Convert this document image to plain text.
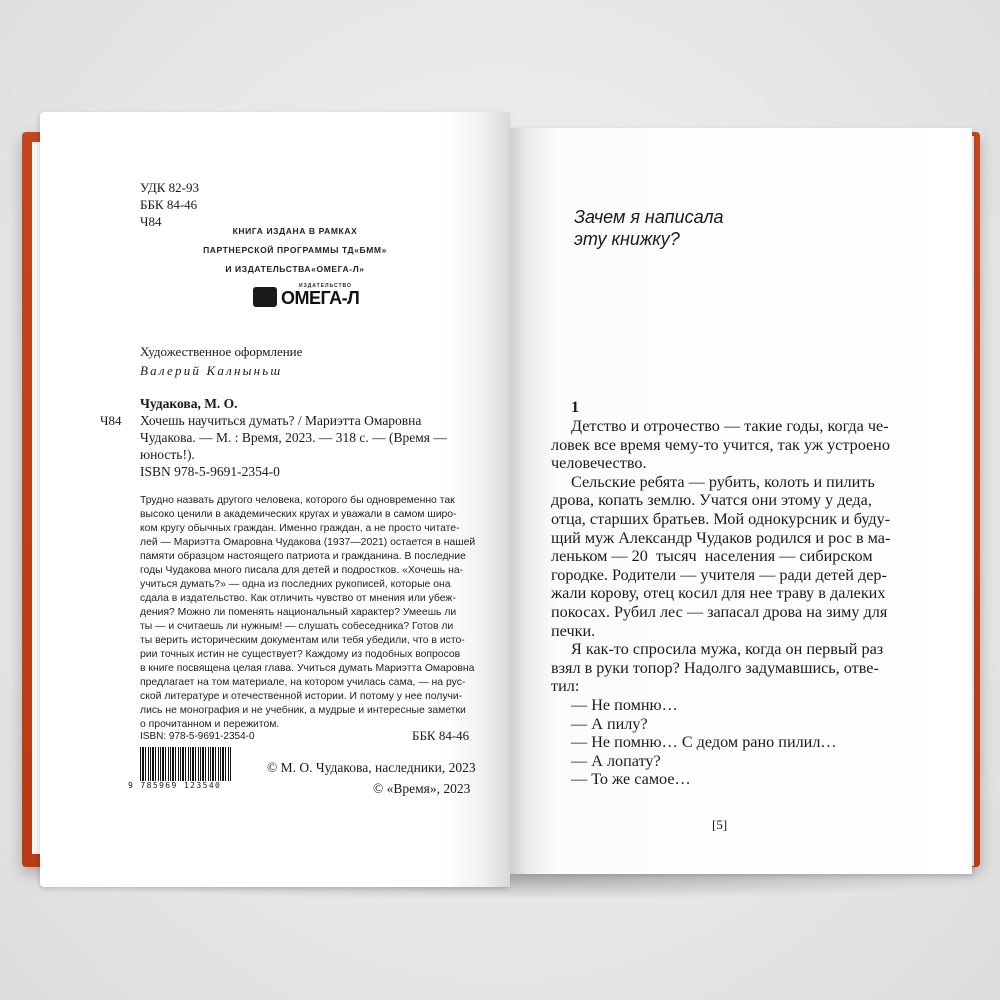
УДК 82-93
ББК 84-46
Ч84
КНИГА ИЗДАНА В РАМКАХ
ПАРТНЕРСКОЙ ПРОГРАММЫ ТД«БММ»
И ИЗДАТЕЛЬСТВА«ОМЕГА-Л»
ИЗДАТЕЛЬСТВО
ОМЕГА-Л
Художественное оформление
Валерий Калныньш
Ч84
Чудакова, М. О.
Хочешь научиться думать? / Мариэтта Омаровна
Чудакова. — М. : Время, 2023. — 318 с. — (Время —
юность!).
ISBN 978-5-9691-2354-0
Трудно назвать другого человека, которого бы одновременно так
высоко ценили в академических кругах и уважали в самом широ-
ком кругу обычных граждан. Именно граждан, а не просто читате-
лей — Мариэтта Омаровна Чудакова (1937—2021) остается в нашей
памяти образцом настоящего патриота и гражданина. В последние
годы Чудакова много писала для детей и подростков. «Хочешь на-
учиться думать?» — одна из последних рукописей, которые она
сдала в издательство. Как отличить чувство от мнения или убеж-
дения? Можно ли поменять национальный характер? Умеешь ли
ты — и считаешь ли нужным! — слушать собеседника? Готов ли
ты верить историческим документам или тебя убедили, что в исто-
рии точных истин не существует? Каждому из подобных вопросов
в книге посвящена целая глава. Учиться думать Мариэтта Омаровна
предлагает на том материале, на котором училась сама, — на рус-
ской литературе и отечественной истории. И потому у нее получи-
лись не монография и не учебник, а мудрые и интересные заметки
о прочитанном и пережитом.
ISBN: 978-5-9691-2354-0	ББК 84-46
9 785969 123540
© М. О. Чудакова, наследники, 2023
© «Время», 2023
Зачем я написала
эту книжку?
1
Детство и отрочество — такие годы, когда че-
ловек все время чему-то учится, так уж устроено
человечество.
Сельские ребята — рубить, колоть и пилить
дрова, копать землю. Учатся они этому у деда,
отца, старших братьев. Мой однокурсник и буду-
щий муж Александр Чудаков родился и рос в ма-
леньком — 20  тысяч  населения — сибирском
городке. Родители — учителя — ради детей дер-
жали корову, отец косил для нее траву в далеких
покосах. Рубил лес — запасал дрова на зиму для
печки.
Я как-то спросила мужа, когда он первый раз
взял в руки топор? Надолго задумавшись, отве-
тил:
— Не помню…
— А пилу?
— Не помню… С дедом рано пилил…
— А лопату?
— То же самое…
[5]
